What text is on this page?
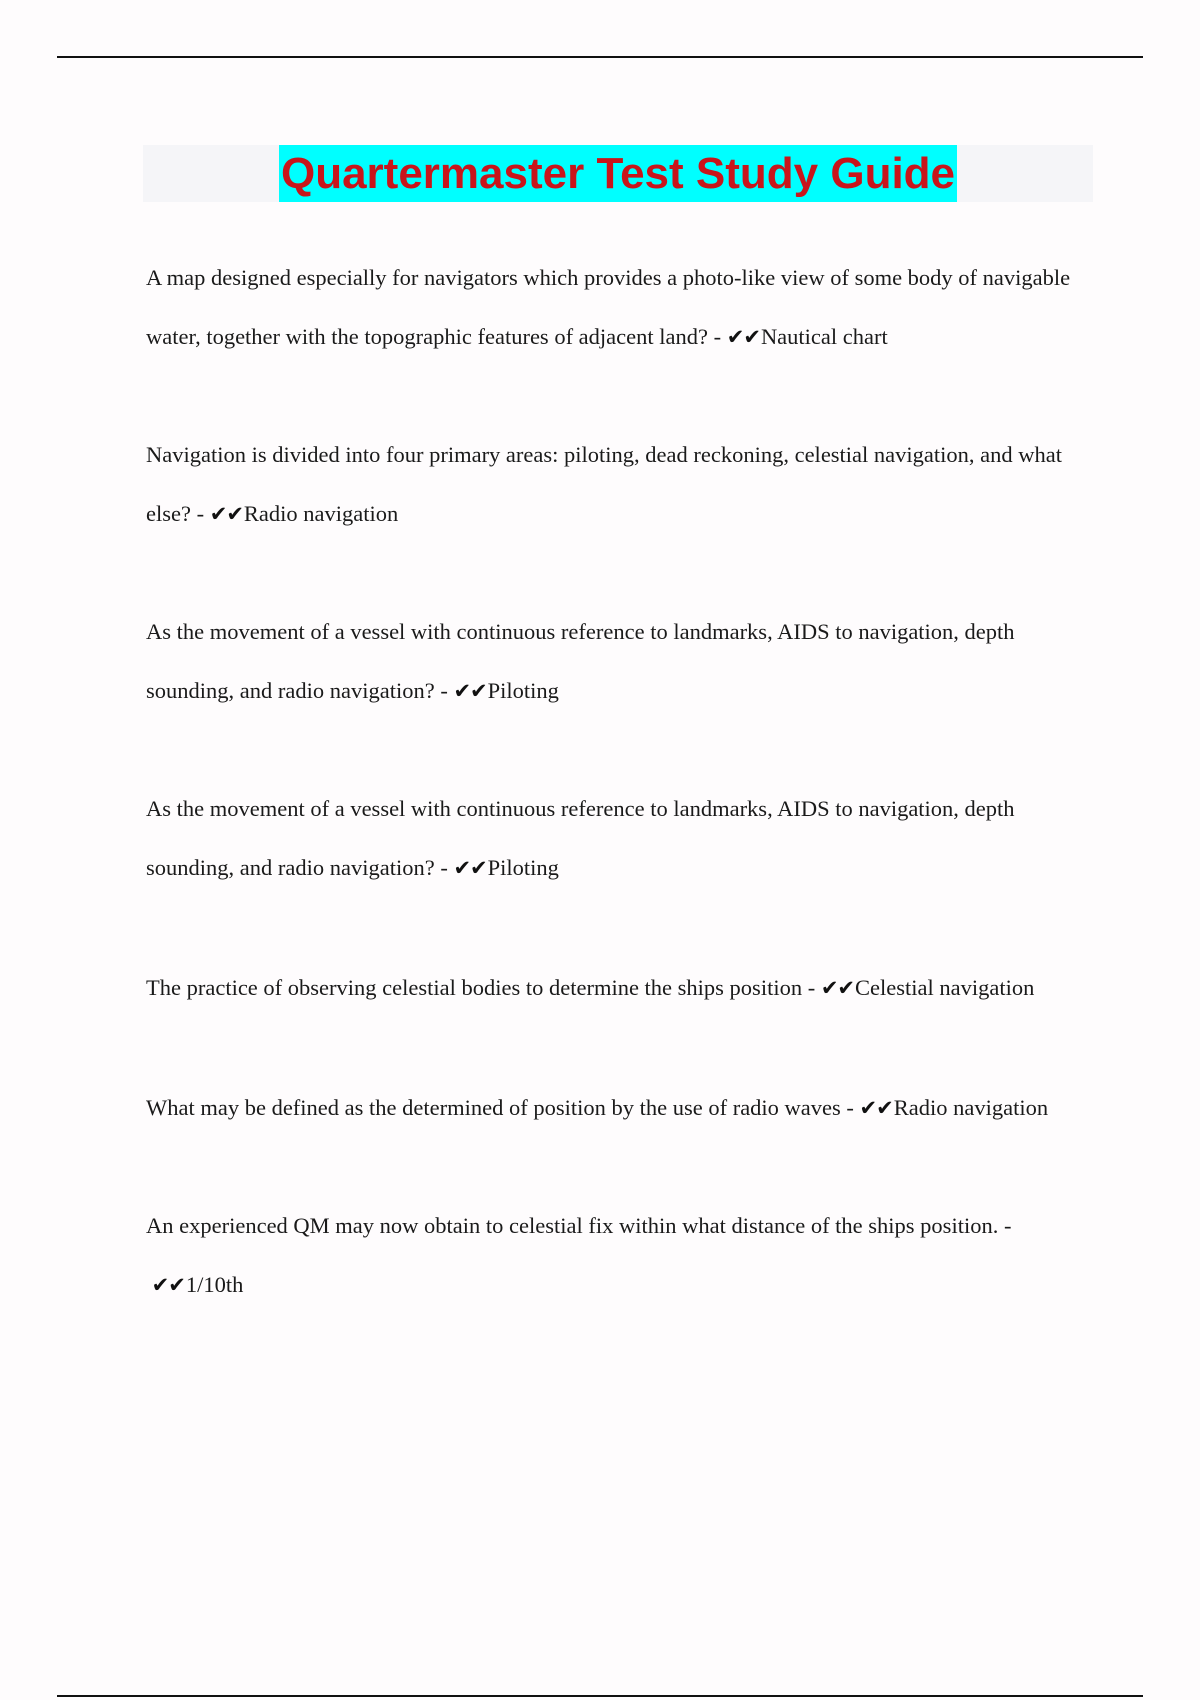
Quartermaster Test Study Guide

A map designed especially for navigators which provides a photo-like view of some body of navigable water, together with the topographic features of adjacent land? - ✔✔Nautical chart

Navigation is divided into four primary areas: piloting, dead reckoning, celestial navigation, and what else? - ✔✔Radio navigation

As the movement of a vessel with continuous reference to landmarks, AIDS to navigation, depth sounding, and radio navigation? - ✔✔Piloting

As the movement of a vessel with continuous reference to landmarks, AIDS to navigation, depth sounding, and radio navigation? - ✔✔Piloting

The practice of observing celestial bodies to determine the ships position - ✔✔Celestial navigation

What may be defined as the determined of position by the use of radio waves - ✔✔Radio navigation

An experienced QM may now obtain to celestial fix within what distance of the ships position. - ✔✔1/10th
